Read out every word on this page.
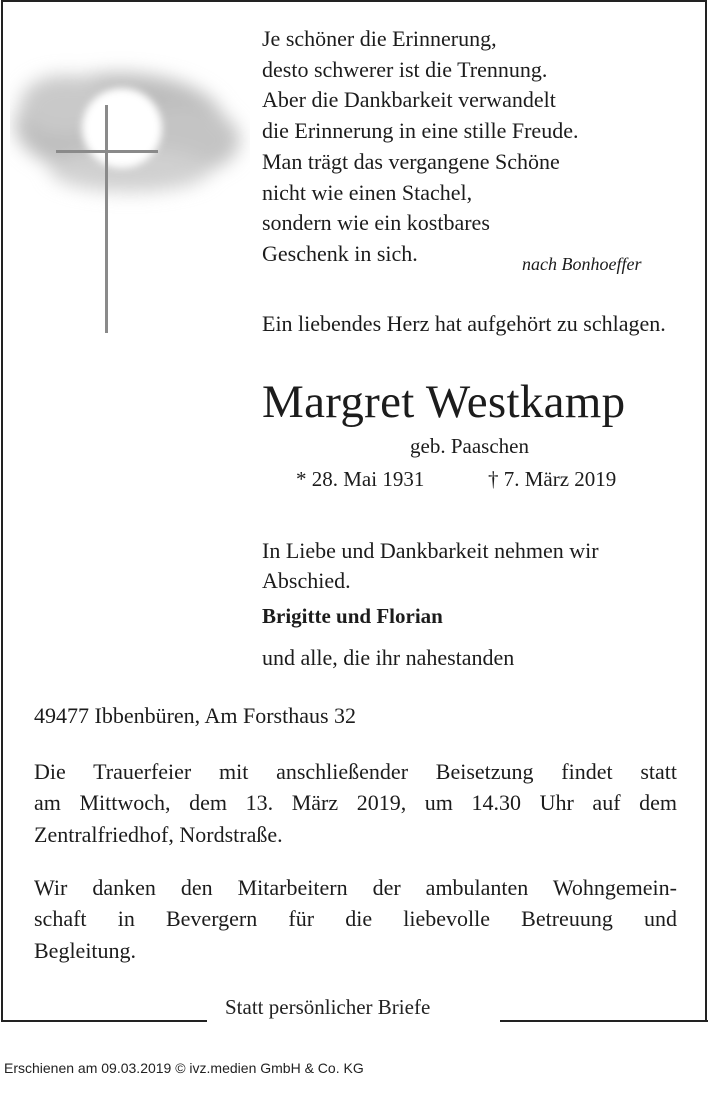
Je schöner die Erinnerung,
desto schwerer ist die Trennung.
Aber die Dankbarkeit verwandelt
die Erinnerung in eine stille Freude.
Man trägt das vergangene Schöne
nicht wie einen Stachel,
sondern wie ein kostbares
Geschenk in sich.	nach Bonhoeffer
Ein liebendes Herz hat aufgehört zu schlagen.
Margret Westkamp
geb. Paaschen
* 28. Mai 1931	† 7. März 2019
In Liebe und Dankbarkeit nehmen wir Abschied.
Brigitte und Florian
und alle, die ihr nahestanden
49477 Ibbenbüren, Am Forsthaus 32
Die Trauerfeier mit anschließender Beisetzung findet statt
am Mittwoch, dem 13. März 2019, um 14.30 Uhr auf dem
Zentralfriedhof, Nordstraße.
Wir danken den Mitarbeitern der ambulanten Wohngemein-
schaft in Bevergern für die liebevolle Betreuung und
Begleitung.
Statt persönlicher Briefe
Erschienen am 09.03.2019 © ivz.medien GmbH & Co. KG
